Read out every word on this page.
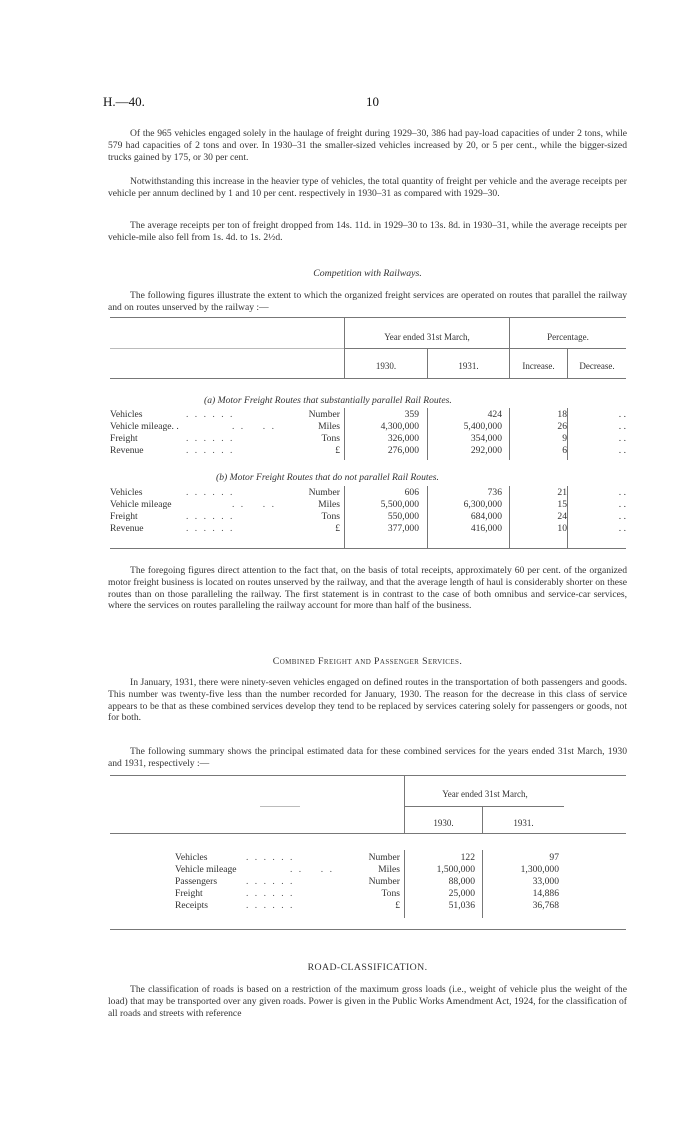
H.—40.	10

Of the 965 vehicles engaged solely in the haulage of freight during 1929–30, 386 had pay-load capacities of under 2 tons, while 579 had capacities of 2 tons and over. In 1930–31 the smaller-sized vehicles increased by 20, or 5 per cent., while the bigger-sized trucks gained by 175, or 30 per cent.

Notwithstanding this increase in the heavier type of vehicles, the total quantity of freight per vehicle and the average receipts per vehicle per annum declined by 1 and 10 per cent. respectively in 1930–31 as compared with 1929–30.

The average receipts per ton of freight dropped from 14s. 11d. in 1929–30 to 13s. 8d. in 1930–31, while the average receipts per vehicle-mile also fell from 1s. 4d. to 1s. 2½d.

Competition with Railways.

The following figures illustrate the extent to which the organized freight services are operated on routes that parallel the railway and on routes unserved by the railway :—

Year ended 31st March,	Percentage.
1930.	1931.	Increase.	Decrease.
(a) Motor Freight Routes that substantially parallel Rail Routes.
Vehicles	. . . . . .	Number	359	424	18	. .
Vehicle mileage. .	. .    . .	Miles	4,300,000	5,400,000	26	. .
Freight	. . . . . .	Tons	326,000	354,000	9	. .
Revenue	. . . . . .	£	276,000	292,000	6	. .
(b) Motor Freight Routes that do not parallel Rail Routes.
Vehicles	. . . . . .	Number	606	736	21	. .
Vehicle mileage	. .    . .	Miles	5,500,000	6,300,000	15	. .
Freight	. . . . . .	Tons	550,000	684,000	24	. .
Revenue	. . . . . .	£	377,000	416,000	10	. .

The foregoing figures direct attention to the fact that, on the basis of total receipts, approximately 60 per cent. of the organized motor freight business is located on routes unserved by the railway, and that the average length of haul is considerably shorter on these routes than on those paralleling the railway. The first statement is in contrast to the case of both omnibus and service-car services, where the services on routes paralleling the railway account for more than half of the business.

Combined Freight and Passenger Services.

In January, 1931, there were ninety-seven vehicles engaged on defined routes in the transportation of both passengers and goods. This number was twenty-five less than the number recorded for January, 1930. The reason for the decrease in this class of service appears to be that as these combined services develop they tend to be replaced by services catering solely for passengers or goods, not for both.

The following summary shows the principal estimated data for these combined services for the years ended 31st March, 1930 and 1931, respectively :—

Year ended 31st March,
1930.	1931.
Vehicles	. . . . . .	Number	122	97
Vehicle mileage	. .    . .	Miles	1,500,000	1,300,000
Passengers	. . . . . .	Number	88,000	33,000
Freight	. . . . . .	Tons	25,000	14,886
Receipts	. . . . . .	£	51,036	36,768
ROAD-CLASSIFICATION.

The classification of roads is based on a restriction of the maximum gross loads (i.e., weight of vehicle plus the weight of the load) that may be transported over any given roads. Power is given in the Public Works Amendment Act, 1924, for the classification of all roads and streets with reference
